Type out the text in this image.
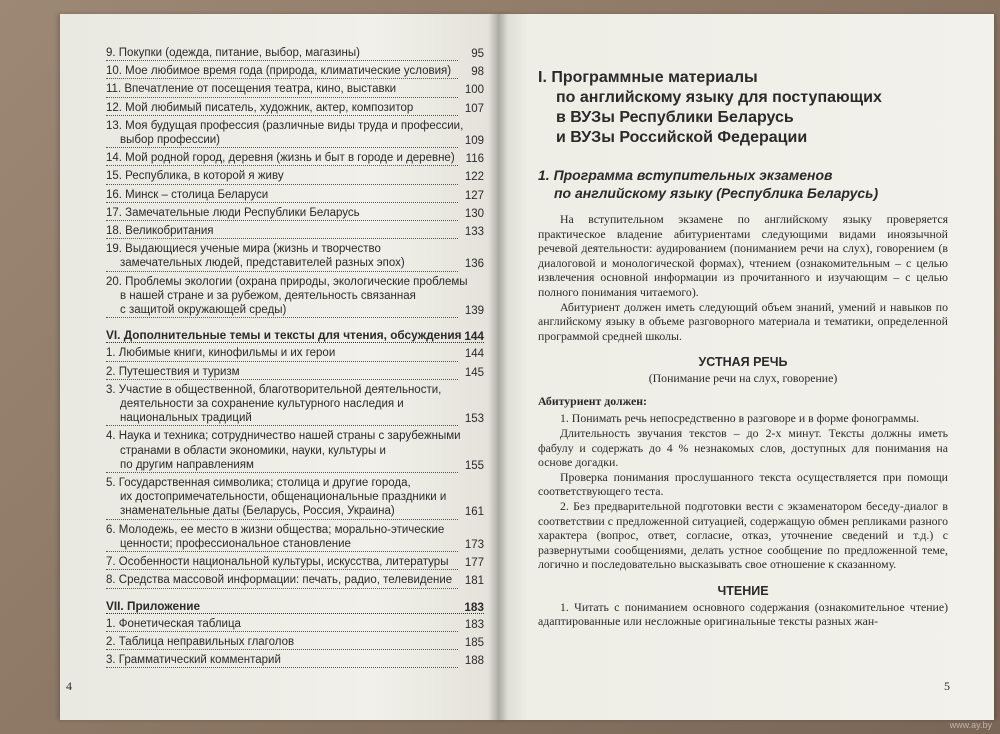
9. Покупки (одежда, питание, выбор, магазины)	95
10. Мое любимое время года (природа, климатические условия)	98
11. Впечатление от посещения театра, кино, выставки	100
12. Мой любимый писатель, художник, актер, композитор	107
13. Моя будущая профессия (различные виды труда и профессии,
выбор профессии)	109
14. Мой родной город, деревня (жизнь и быт в городе и деревне) 116
15. Республика, в которой я живу	122
16. Минск – столица Беларуси	127
17. Замечательные люди Республики Беларусь	130
18. Великобритания	133
19. Выдающиеся ученые мира (жизнь и творчество
замечательных людей, представителей разных эпох)	136
20. Проблемы экологии (охрана природы, экологические проблемы
в нашей стране и за рубежом, деятельность связанная
с защитой окружающей среды)	139
VI. Дополнительные темы и тексты для чтения, обсуждения 144
1. Любимые книги, кинофильмы и их герои	144
2. Путешествия и туризм	145
3. Участие в общественной, благотворительной деятельности,
деятельности за сохранение культурного наследия и
национальных традиций	153
4. Наука и техника; сотрудничество нашей страны с зарубежными
странами в области экономики, науки, культуры и
по другим направлениям	155
5. Государственная символика; столица и другие города,
их достопримечательности, общенациональные праздники и
знаменательные даты (Беларусь, Россия, Украина)	161
6. Молодежь, ее место в жизни общества; морально-этические
ценности; профессиональное становление	173
7. Особенности национальной культуры, искусства, литературы	177
8. Средства массовой информации: печать, радио, телевидение	181
VII. Приложение	183
1. Фонетическая таблица	183
2. Таблица неправильных глаголов	185
3. Грамматический комментарий	188
4
I. Программные материалы
по английскому языку для поступающих
в ВУЗы Республики Беларусь
и ВУЗы Российской Федерации
1. Программа вступительных экзаменов
по английскому языку (Республика Беларусь)

На вступительном экзамене по английскому языку проверяется практическое владение абитуриентами следующими видами иноязычной речевой деятельности: аудированием (пониманием речи на слух), говорением (в диалоговой и монологической формах), чтением (ознакомительным – с целью извлечения основной информации из прочитанного и изучающим – с целью полного понимания читаемого).

Абитуриент должен иметь следующий объем знаний, умений и навыков по английскому языку в объеме разговорного материала и тематики, определенной программой средней школы.

УСТНАЯ РЕЧЬ
(Понимание речи на слух, говорение)
Абитуриент должен:

1. Понимать речь непосредственно в разговоре и в форме фонограммы.

Длительность звучания текстов – до 2-х минут. Тексты должны иметь фабулу и содержать до 4 % незнакомых слов, доступных для понимания на основе догадки.

Проверка понимания прослушанного текста осуществляется при помощи соответствующего теста.

2. Без предварительной подготовки вести с экзаменатором беседу-диалог в соответствии с предложенной ситуацией, содержащую обмен репликами разного характера (вопрос, ответ, согласие, отказ, уточнение сведений и т.д.) с развернутыми сообщениями, делать устное сообщение по предложенной теме, логично и последовательно высказывать свое отношение к сказанному.

ЧТЕНИЕ

1. Читать с пониманием основного содержания (ознакомительное чтение) адаптированные или несложные оригинальные тексты разных жан-

5
www.ay.by
